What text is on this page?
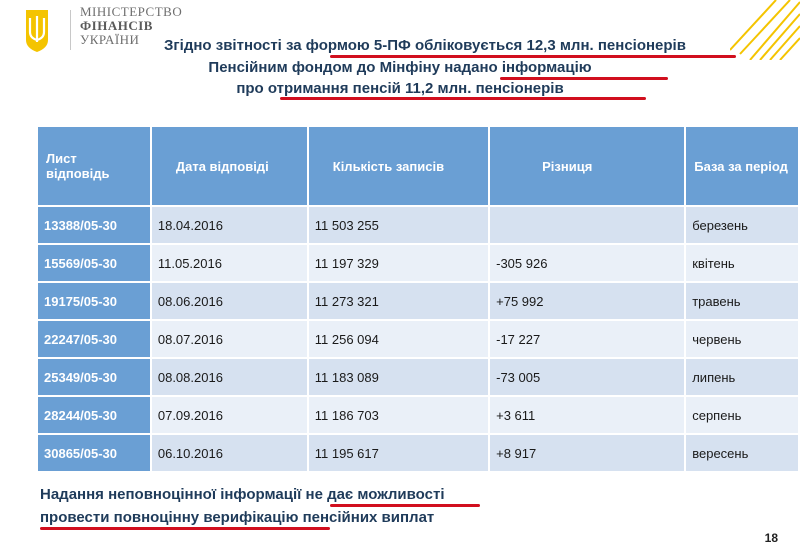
МІНІСТЕРСТВО
ФІНАНСІВ
УКРАЇНИ	Згідно звітності за формою 5-ПФ обліковується 12,3 млн. пенсіонерів
Пенсійним фондом до Мінфіну надано інформацію
про отримання пенсій 11,2 млн. пенсіонерів
Лист відповідь	Дата відповіді	Кількість записів	Різниця	База за період
13388/05-30	18.04.2016	11 503 255		березень
15569/05-30	11.05.2016	11 197 329	-305 926	квітень
19175/05-30	08.06.2016	11 273 321	+75 992	травень
22247/05-30	08.07.2016	11 256 094	-17 227	червень
25349/05-30	08.08.2016	11 183 089	-73 005	липень
28244/05-30	07.09.2016	11 186 703	+3 611	серпень
30865/05-30	06.10.2016	11 195 617	+8 917	вересень
Надання неповноцінної інформації не дає можливості
провести повноцінну верифікацію пенсійних виплат
18
